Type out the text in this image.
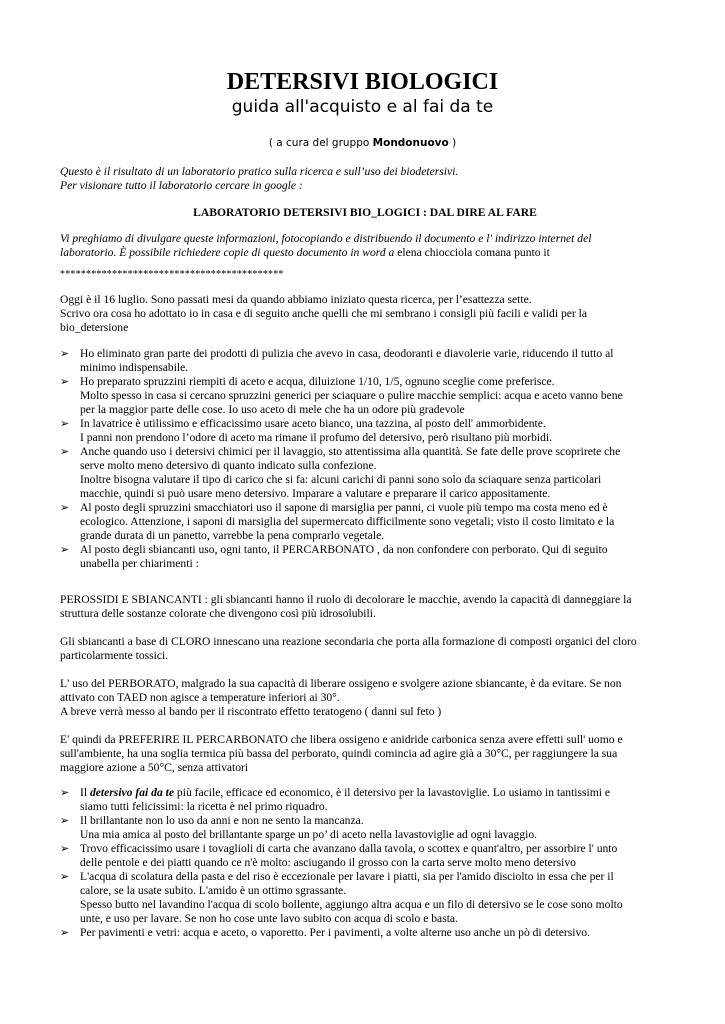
DETERSIVI BIOLOGICI
guida all'acquisto e al fai da te
( a cura del gruppo Mondonuovo )
Questo è il risultato di un laboratorio pratico sulla ricerca e sull’uso dei biodetersivi.
Per visionare tutto il laboratorio cercare in google :
LABORATORIO DETERSIVI BIO_LOGICI : DAL DIRE AL FARE
Vi preghiamo di divulgare queste informazioni, fotocopiando e distribuendo il documento e l' indirizzo internet del
laboratorio. È possibile richiedere copie di questo documento in word a elena chiocciola comana punto it
*******************************************
Oggi è il 16 luglio. Sono passati mesi da quando abbiamo iniziato questa ricerca, per l’esattezza sette.
Scrivo ora cosa ho adottato io in casa e di seguito anche quelli che mi sembrano i consigli più facili e validi per la
bio_detersione
➢ Ho eliminato gran parte dei prodotti di pulizia che avevo in casa, deodoranti e diavolerie varie, riducendo il tutto al
minimo indispensabile.
➢ Ho preparato spruzzini riempiti di aceto e acqua, diluizione 1/10, 1/5, ognuno sceglie come preferisce.
Molto spesso in casa si cercano spruzzini generici per sciaquare o pulire macchie semplici: acqua e aceto vanno bene
per la maggior parte delle cose. Io uso aceto di mele che ha un odore più gradevole
➢ In lavatrice è utilissimo e efficacissimo usare aceto bianco, una tazzina, al posto dell' ammorbidente.
I panni non prendono l’odore di aceto ma rimane il profumo del detersivo, però risultano più morbidi.
➢ Anche quando uso i detersivi chimici per il lavaggio, sto attentissima alla quantità. Se fate delle prove scoprirete che
serve molto meno detersivo di quanto indicato sulla confezione.
Inoltre bisogna valutare il tipo di carico che si fa: alcuni carichi di panni sono solo da sciaquare senza particolari
macchie, quindi si può usare meno detersivo. Imparare a valutare e preparare il carico appositamente.
➢ Al posto degli spruzzini smacchiatori uso il sapone di marsiglia per panni, ci vuole più tempo ma costa meno ed è
ecologico. Attenzione, i saponi di marsiglia del supermercato difficilmente sono vegetali; visto il costo limitato e la
grande durata di un panetto, varrebbe la pena comprarlo vegetale.
➢ Al posto degli sbiancanti uso, ogni tanto, il PERCARBONATO , da non confondere con perborato. Qui di seguito
unabella per chiarimenti :
PEROSSIDI E SBIANCANTI : gli sbiancanti hanno il ruolo di decolorare le macchie, avendo la capacità di danneggiare la
struttura delle sostanze colorate che divengono così più idrosolubili.
Gli sbiancanti a base di CLORO innescano una reazione secondaria che porta alla formazione di composti organici del cloro
particolarmente tossici.
L' uso del PERBORATO, malgrado la sua capacità di liberare ossigeno e svolgere azione sbiancante, è da evitare. Se non
attivato con TAED non agisce a temperature inferiori ai 30°.
A breve verrà messo al bando per il riscontrato effetto teratogeno ( danni sul feto )
E' quindi da PREFERIRE IL PERCARBONATO che libera ossigeno e anidride carbonica senza avere effetti sull' uomo e
sull'ambiente, ha una soglia termica più bassa del perborato, quindi comincia ad agire già a 30°C, per raggiungere la sua
maggiore azione a 50°C, senza attivatori
➢ Il detersivo fai da te più facile, efficace ed economico, è il detersivo per la lavastoviglie. Lo usiamo in tantissimi e
siamo tutti felicissimi: la ricetta è nel primo riquadro.
➢ Il brillantante non lo uso da anni e non ne sento la mancanza.
Una mia amica al posto del brillantante sparge un po’ di aceto nella lavastoviglie ad ogni lavaggio.
➢ Trovo efficacissimo usare i tovaglioli di carta che avanzano dalla tavola, o scottex e quant'altro, per assorbire l' unto
delle pentole e dei piatti quando ce n'è molto: asciugando il grosso con la carta serve molto meno detersivo
➢ L'acqua di scolatura della pasta e del riso è eccezionale per lavare i piatti, sia per l'amido disciolto in essa che per il
calore, se la usate subito. L'amido è un ottimo sgrassante.
Spesso butto nel lavandino l'acqua di scolo bollente, aggiungo altra acqua e un filo di detersivo se le cose sono molto
unte, e uso per lavare. Se non ho cose unte lavo subito con acqua di scolo e basta.
➢ Per pavimenti e vetri: acqua e aceto, o vaporetto. Per i pavimenti, a volte alterne uso anche un pò di detersivo.
